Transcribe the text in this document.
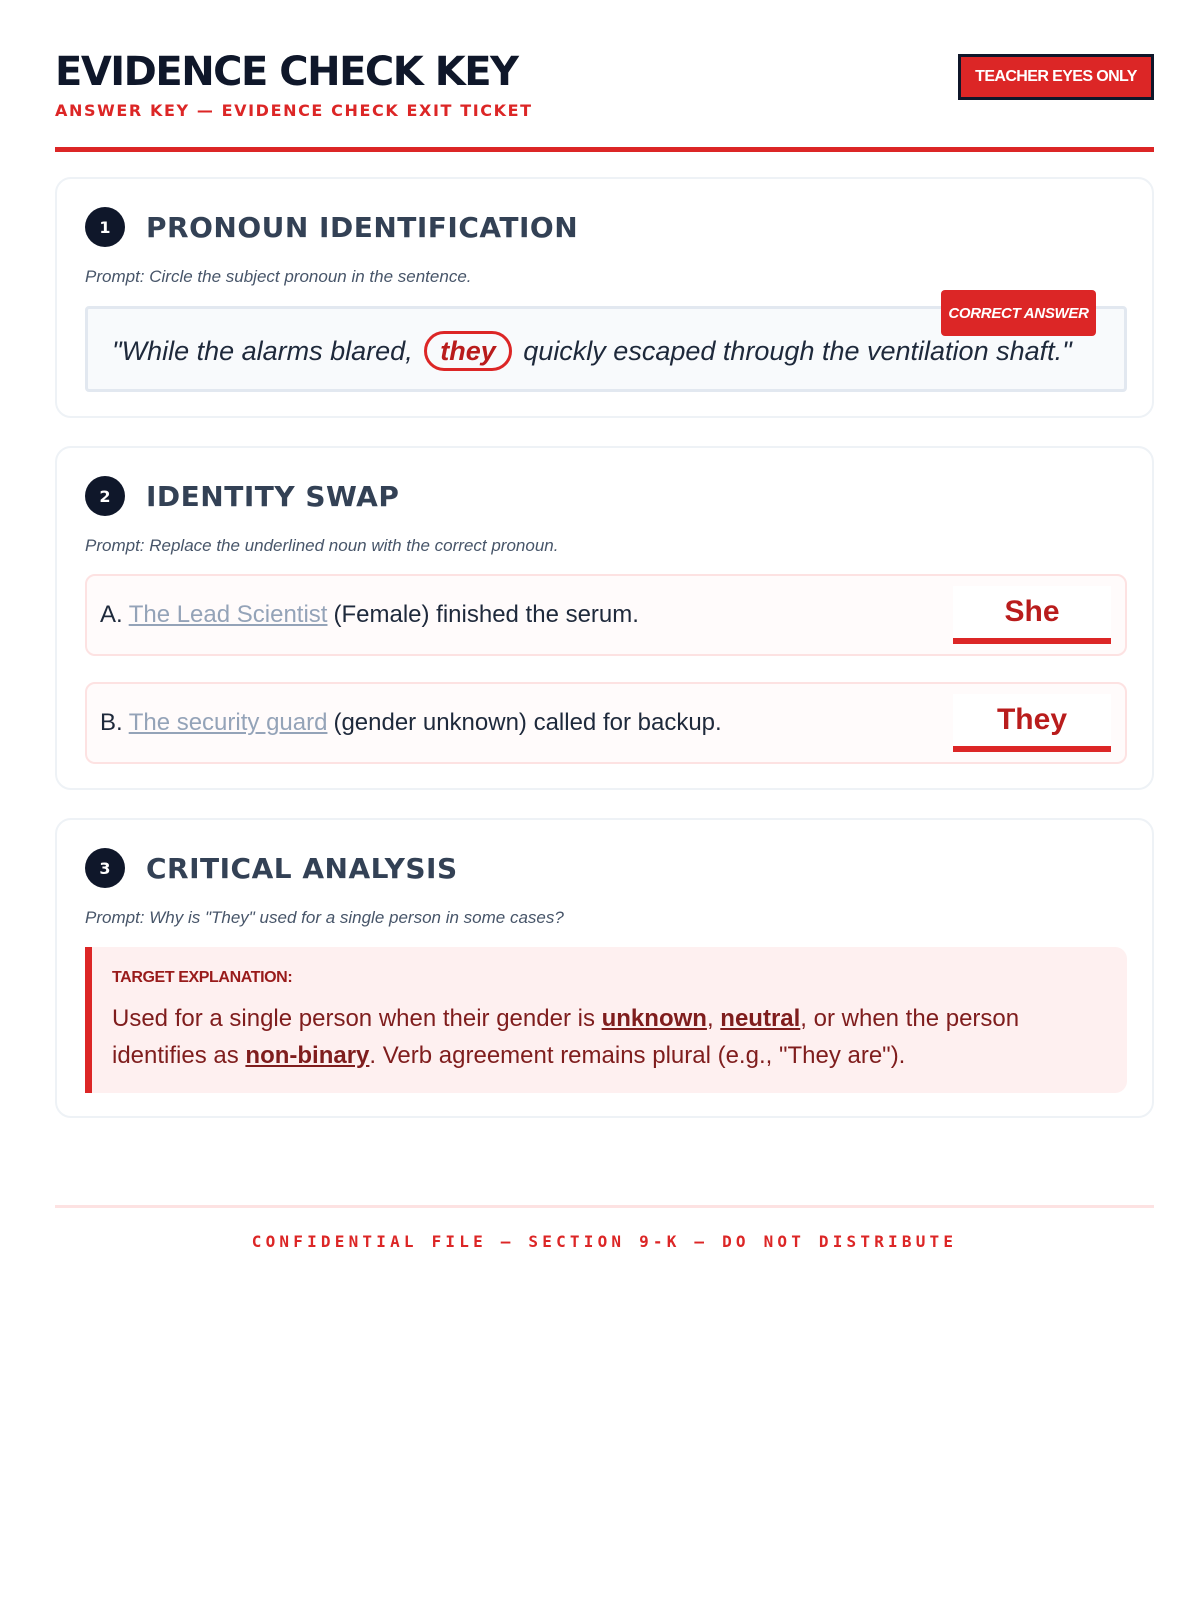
EVIDENCE CHECK KEY
ANSWER KEY — EVIDENCE CHECK EXIT TICKET
TEACHER EYES ONLY
1	PRONOUN IDENTIFICATION
Prompt: Circle the subject pronoun in the sentence.
"While the alarms blared, they quickly escaped through the ventilation shaft."
CORRECT ANSWER
2	IDENTITY SWAP
Prompt: Replace the underlined noun with the correct pronoun.
A. The Lead Scientist (Female) finished the serum.	She
B. The security guard (gender unknown) called for backup.	They
3	CRITICAL ANALYSIS
Prompt: Why is "They" used for a single person in some cases?
TARGET EXPLANATION:
Used for a single person when their gender is unknown, neutral, or when the person identifies as non-binary. Verb agreement remains plural (e.g., "They are").
CONFIDENTIAL FILE — SECTION 9-K — DO NOT DISTRIBUTE
